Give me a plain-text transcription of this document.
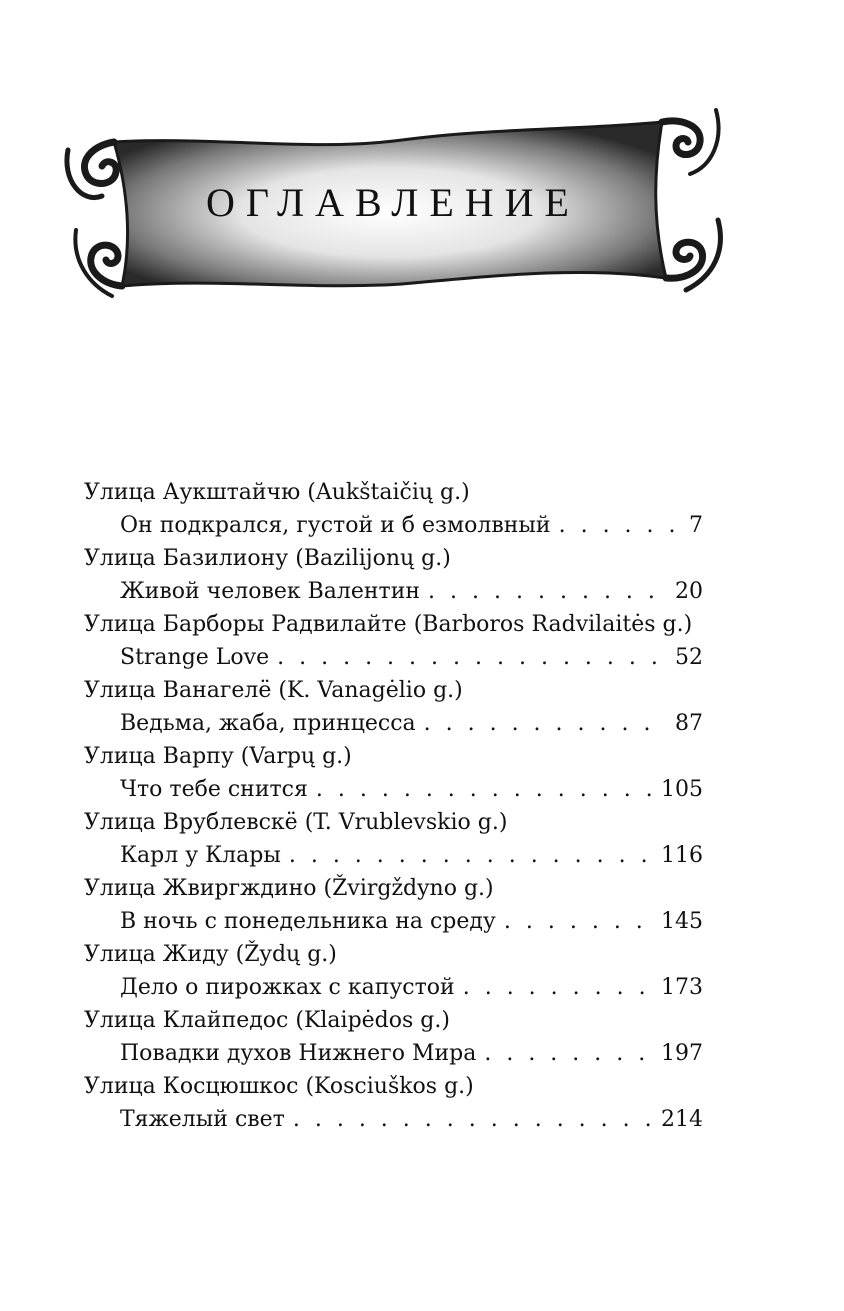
ОГЛАВЛЕНИЕ
Улица Аукштайчю (Aukštaičių g.)
Он подкрался, густой и б езмолвный . . .	7
Улица Базилиону (Bazilijonų g.)
Живой человек Валентин . . .	20
Улица Барборы Радвилайте (Barboros Radvilaitės g.)
Strange Love . . .	52
Улица Ванагелё (K. Vanagėlio g.)
Ведьма, жаба, принцесса . . .	87
Улица Варпу (Varpų g.)
Что тебе снится . . .	105
Улица Врублевскё (T. Vrublevskio g.)
Карл у Клары . . .	116
Улица Жвиргждино (Žvirgždyno g.)
В ночь с понедельника на среду . . .	145
Улица Жиду (Žydų g.)
Дело о пирожках с капустой . . .	173
Улица Клайпедос (Klaipėdos g.)
Повадки духов Нижнего Мира . . .	197
Улица Косцюшкос (Kosciuškos g.)
Тяжелый свет . . .	214
